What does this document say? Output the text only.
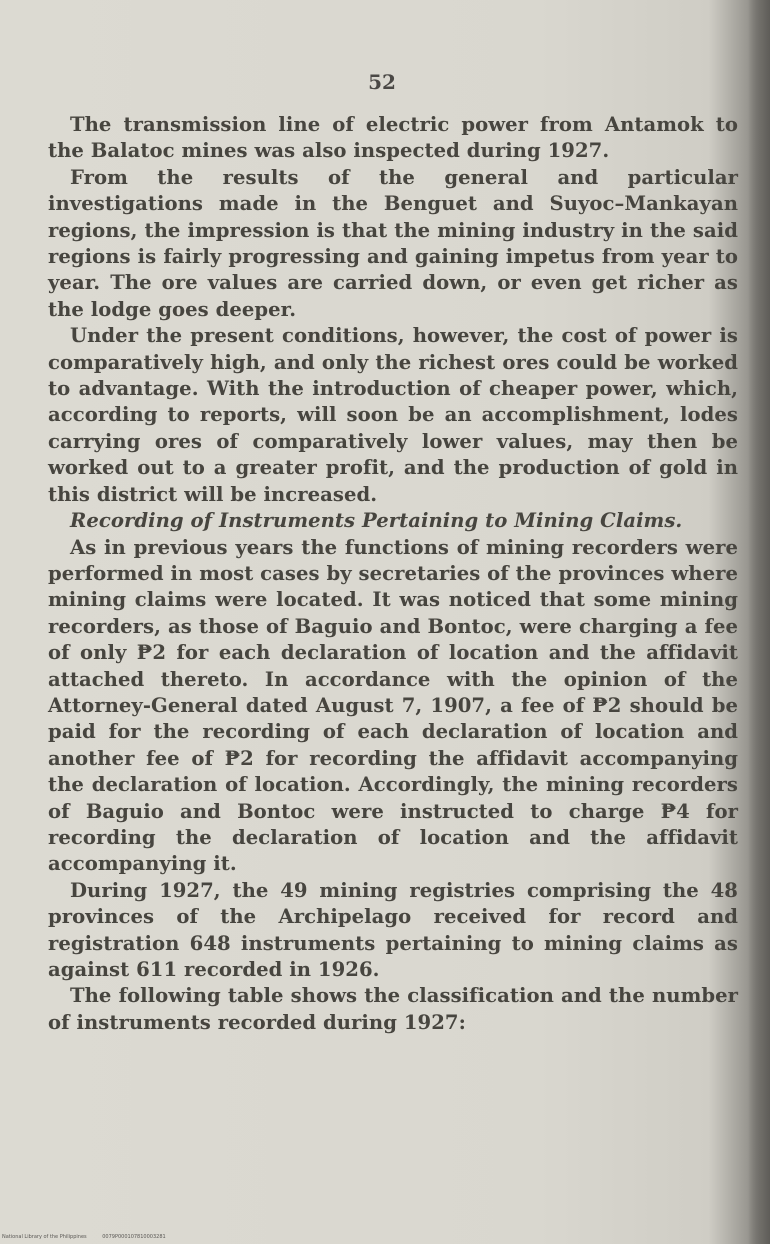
52

The transmission line of electric power from Antamok to the Balatoc mines was also inspected during 1927.

From the results of the general and particular investigations made in the Benguet and Suyoc–Mankayan regions, the impression is that the mining industry in the said regions is fairly progressing and gaining impetus from year to year. The ore values are carried down, or even get richer as the lodge goes deeper.

Under the present conditions, however, the cost of power is comparatively high, and only the richest ores could be worked to advantage. With the introduction of cheaper power, which, according to reports, will soon be an accomplishment, lodes carrying ores of comparatively lower values, may then be worked out to a greater profit, and the production of gold in this district will be increased.

Recording of Instruments Pertaining to Mining Claims.

As in previous years the functions of mining recorders were performed in most cases by secretaries of the provinces where mining claims were located. It was noticed that some mining recorders, as those of Baguio and Bontoc, were charging a fee of only ₱2 for each declaration of location and the affidavit attached thereto. In accordance with the opinion of the Attorney-General dated August 7, 1907, a fee of ₱2 should be paid for the recording of each declaration of location and another fee of ₱2 for recording the affidavit accompanying the declaration of location. Accordingly, the mining recorders of Baguio and Bontoc were instructed to charge ₱4 for recording the declaration of location and the affidavit accompanying it.

During 1927, the 49 mining registries comprising the 48 provinces of the Archipelago received for record and registration 648 instruments pertaining to mining claims as against 611 recorded in 1926.

The following table shows the classification and the number of instruments recorded during 1927:

National Library of the Philippines	0079P000107810003281
